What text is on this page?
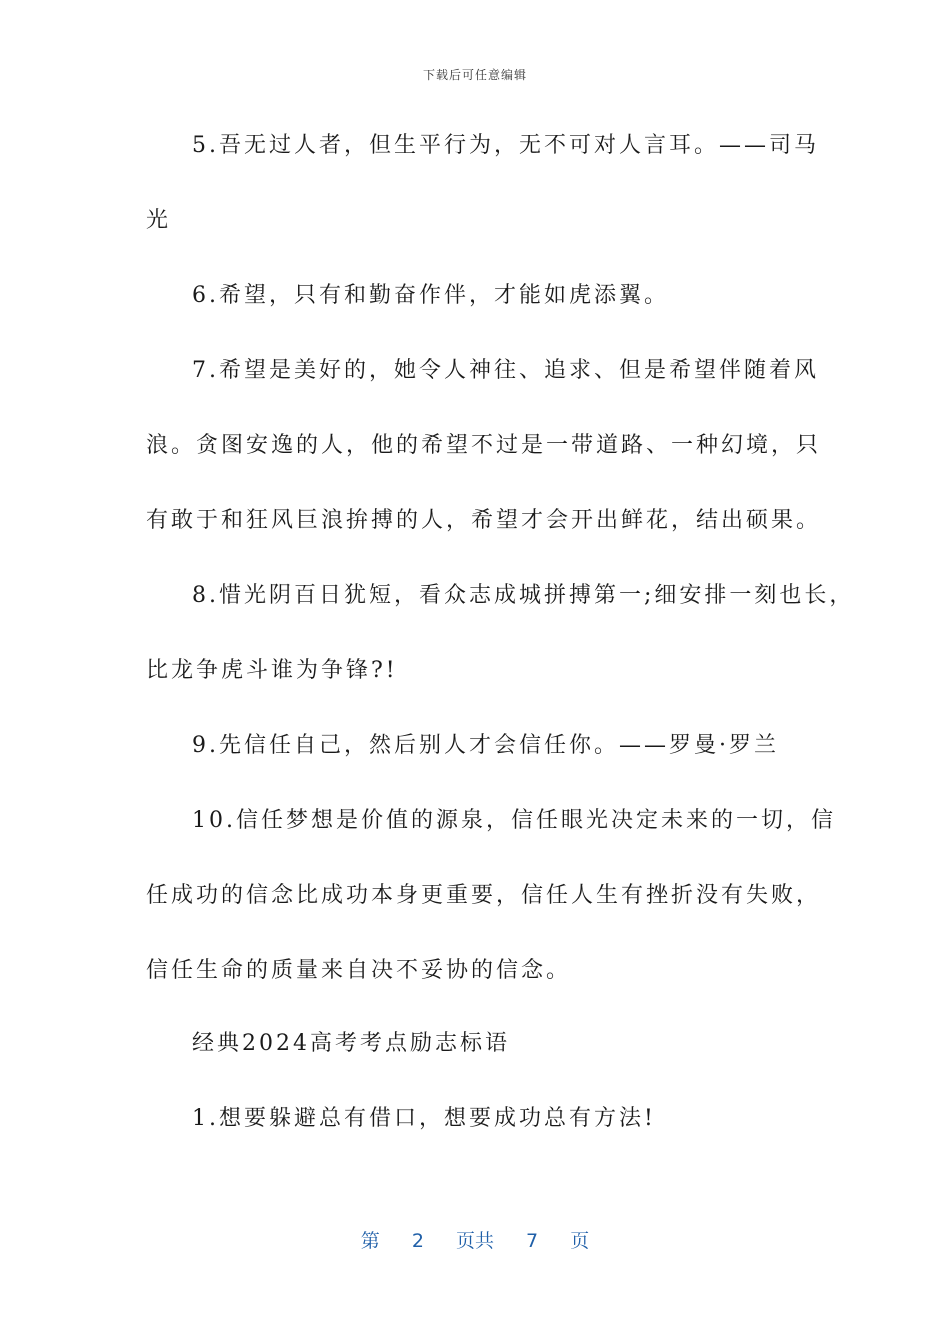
下载后可任意编辑
5.吾无过人者，但生平行为，无不可对人言耳。——司马
光
6.希望，只有和勤奋作伴，才能如虎添翼。
7.希望是美好的，她令人神往、追求、但是希望伴随着风
浪。贪图安逸的人，他的希望不过是一带道路、一种幻境，只
有敢于和狂风巨浪拚搏的人，希望才会开出鲜花，结出硕果。
8.惜光阴百日犹短，看众志成城拼搏第一;细安排一刻也长，
比龙争虎斗谁为争锋?!
9.先信任自己，然后别人才会信任你。——罗曼·罗兰
10.信任梦想是价值的源泉，信任眼光决定未来的一切，信
任成功的信念比成功本身更重要，信任人生有挫折没有失败，
信任生命的质量来自决不妥协的信念。
经典2024高考考点励志标语
1.想要躲避总有借口，想要成功总有方法!
第 2 页共 7 页
